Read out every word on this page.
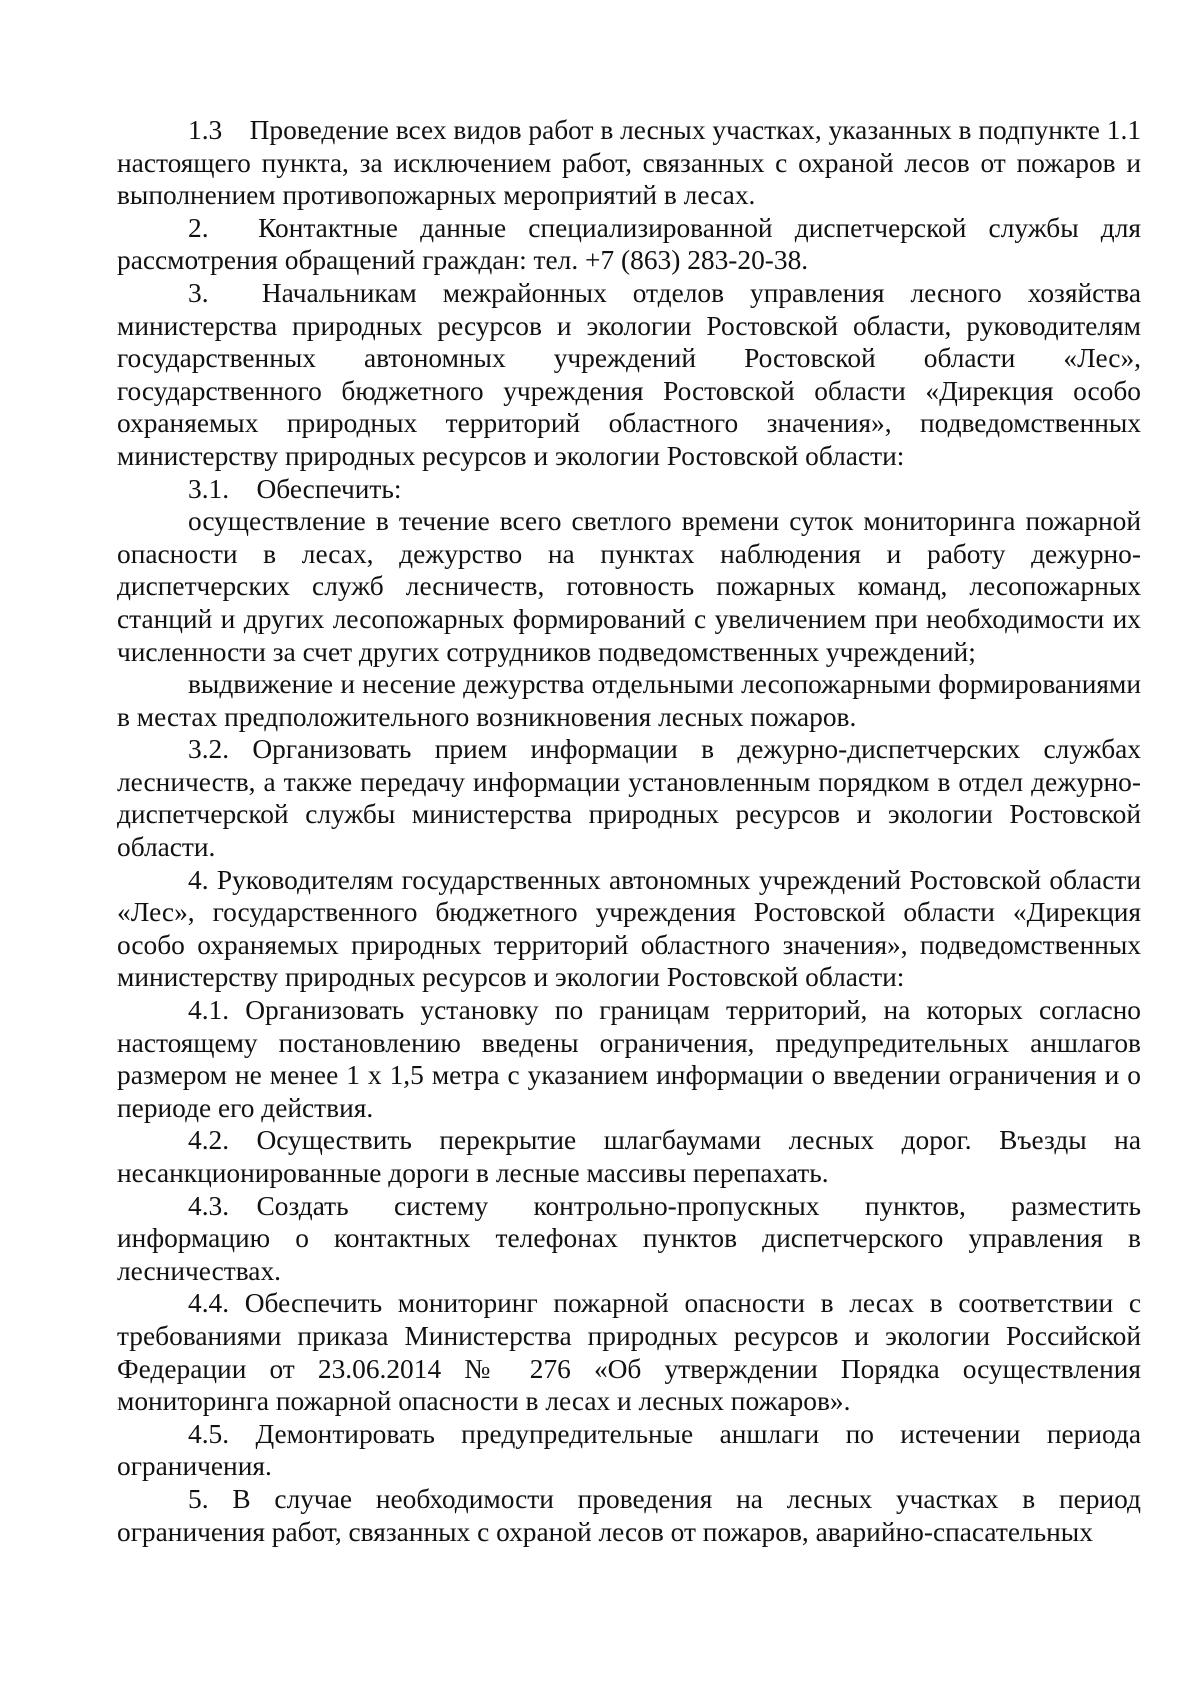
1.3 Проведение всех видов работ в лесных участках, указанных в подпункте 1.1 настоящего пункта, за исключением работ, связанных с охраной лесов от пожаров и выполнением противопожарных мероприятий в лесах.

2.  Контактные данные специализированной диспетчерской службы для рассмотрения обращений граждан: тел. +7 (863) 283-20-38.

3.  Начальникам межрайонных отделов управления лесного хозяйства министерства природных ресурсов и экологии Ростовской области, руководителям государственных автономных учреждений Ростовской области «Лес», государственного бюджетного учреждения Ростовской области «Дирекция особо охраняемых природных территорий областного значения», подведомственных министерству природных ресурсов и экологии Ростовской области:

3.1. Обеспечить:

осуществление в течение всего светлого времени суток мониторинга пожарной опасности в лесах, дежурство на пунктах наблюдения и работу дежурно-диспетчерских служб лесничеств, готовность пожарных команд, лесопожарных станций и других лесопожарных формирований с увеличением при необходимости их численности за счет других сотрудников подведомственных учреждений;

выдвижение и несение дежурства отдельными лесопожарными формированиями в местах предположительного возникновения лесных пожаров.

3.2. Организовать прием информации в дежурно-диспетчерских службах лесничеств, а также передачу информации установленным порядком в отдел дежурно-диспетчерской службы министерства природных ресурсов и экологии Ростовской области.

4. Руководителям государственных автономных учреждений Ростовской области «Лес», государственного бюджетного учреждения Ростовской области «Дирекция особо охраняемых природных территорий областного значения», подведомственных министерству природных ресурсов и экологии Ростовской области:

4.1. Организовать установку по границам территорий, на которых согласно настоящему постановлению введены ограничения, предупредительных аншлагов размером не менее 1 х 1,5 метра с указанием информации о введении ограничения и о периоде его действия.

4.2. Осуществить перекрытие шлагбаумами лесных дорог. Въезды на несанкционированные дороги в лесные массивы перепахать.

4.3. Создать систему контрольно-пропускных пунктов, разместить информацию о контактных телефонах пунктов диспетчерского управления в лесничествах.

4.4. Обеспечить мониторинг пожарной опасности в лесах в соответствии с требованиями приказа Министерства природных ресурсов и экологии Российской Федерации от 23.06.2014 № 276 «Об утверждении Порядка осуществления мониторинга пожарной опасности в лесах и лесных пожаров».

4.5. Демонтировать предупредительные аншлаги по истечении периода ограничения.

5. В случае необходимости проведения на лесных участках в период ограничения работ, связанных с охраной лесов от пожаров, аварийно-спасательных
